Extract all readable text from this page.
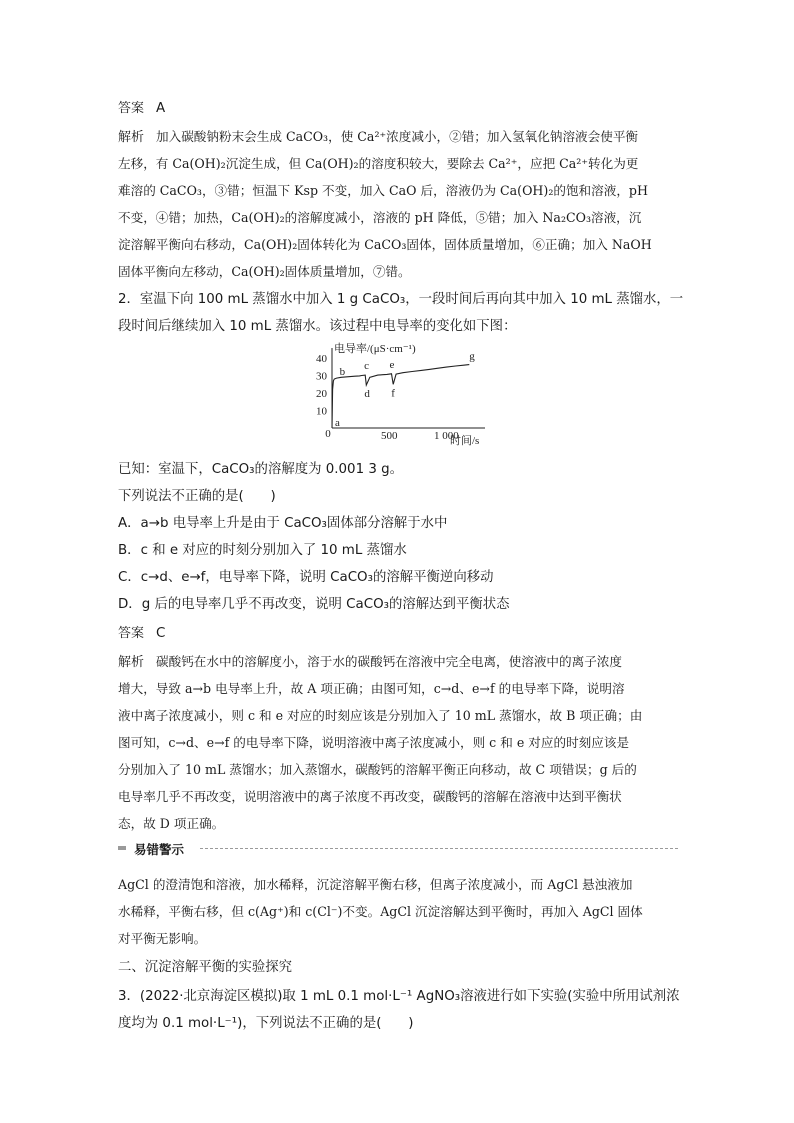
答案 A
解析 加入碳酸钠粉末会生成 CaCO₃，使 Ca²⁺浓度减小，②错；加入氢氧化钠溶液会使平衡
左移，有 Ca(OH)₂沉淀生成，但 Ca(OH)₂的溶度积较大，要除去 Ca²⁺，应把 Ca²⁺转化为更
难溶的 CaCO₃，③错；恒温下 Ksp 不变，加入 CaO 后，溶液仍为 Ca(OH)₂的饱和溶液，pH
不变，④错；加热，Ca(OH)₂的溶解度减小，溶液的 pH 降低，⑤错；加入 Na₂CO₃溶液，沉
淀溶解平衡向右移动，Ca(OH)₂固体转化为 CaCO₃固体，固体质量增加，⑥正确；加入 NaOH
固体平衡向左移动，Ca(OH)₂固体质量增加，⑦错。
2．室温下向 100 mL 蒸馏水中加入 1 g CaCO₃，一段时间后再向其中加入 10 mL 蒸馏水，一
段时间后继续加入 10 mL 蒸馏水。该过程中电导率的变化如下图：
0
10
20
30
40
500	1 000
a
b c
d
e
f
g
电导率/(μS·cm⁻¹)
时间/s
已知：室温下，CaCO₃的溶解度为 0.001 3 g。
下列说法不正确的是(　　)
A．a→b 电导率上升是由于 CaCO₃固体部分溶解于水中
B．c 和 e 对应的时刻分别加入了 10 mL 蒸馏水
C．c→d、e→f，电导率下降，说明 CaCO₃的溶解平衡逆向移动
D．g 后的电导率几乎不再改变，说明 CaCO₃的溶解达到平衡状态
答案 C
解析 碳酸钙在水中的溶解度小，溶于水的碳酸钙在溶液中完全电离，使溶液中的离子浓度
增大，导致 a→b 电导率上升，故 A 项正确；由图可知，c→d、e→f 的电导率下降，说明溶
液中离子浓度减小，则 c 和 e 对应的时刻应该是分别加入了 10 mL 蒸馏水，故 B 项正确；由
图可知，c→d、e→f 的电导率下降，说明溶液中离子浓度减小，则 c 和 e 对应的时刻应该是
分别加入了 10 mL 蒸馏水；加入蒸馏水，碳酸钙的溶解平衡正向移动，故 C 项错误；g 后的
电导率几乎不再改变，说明溶液中的离子浓度不再改变，碳酸钙的溶解在溶液中达到平衡状
态，故 D 项正确。
易错警示
AgCl 的澄清饱和溶液，加水稀释，沉淀溶解平衡右移，但离子浓度减小，而 AgCl 悬浊液加
水稀释，平衡右移，但 c(Ag⁺)和 c(Cl⁻)不变。AgCl 沉淀溶解达到平衡时，再加入 AgCl 固体
对平衡无影响。
二、沉淀溶解平衡的实验探究
3．(2022·北京海淀区模拟)取 1 mL 0.1 mol·L⁻¹ AgNO₃溶液进行如下实验(实验中所用试剂浓
度均为 0.1 mol·L⁻¹)，下列说法不正确的是(　　)
